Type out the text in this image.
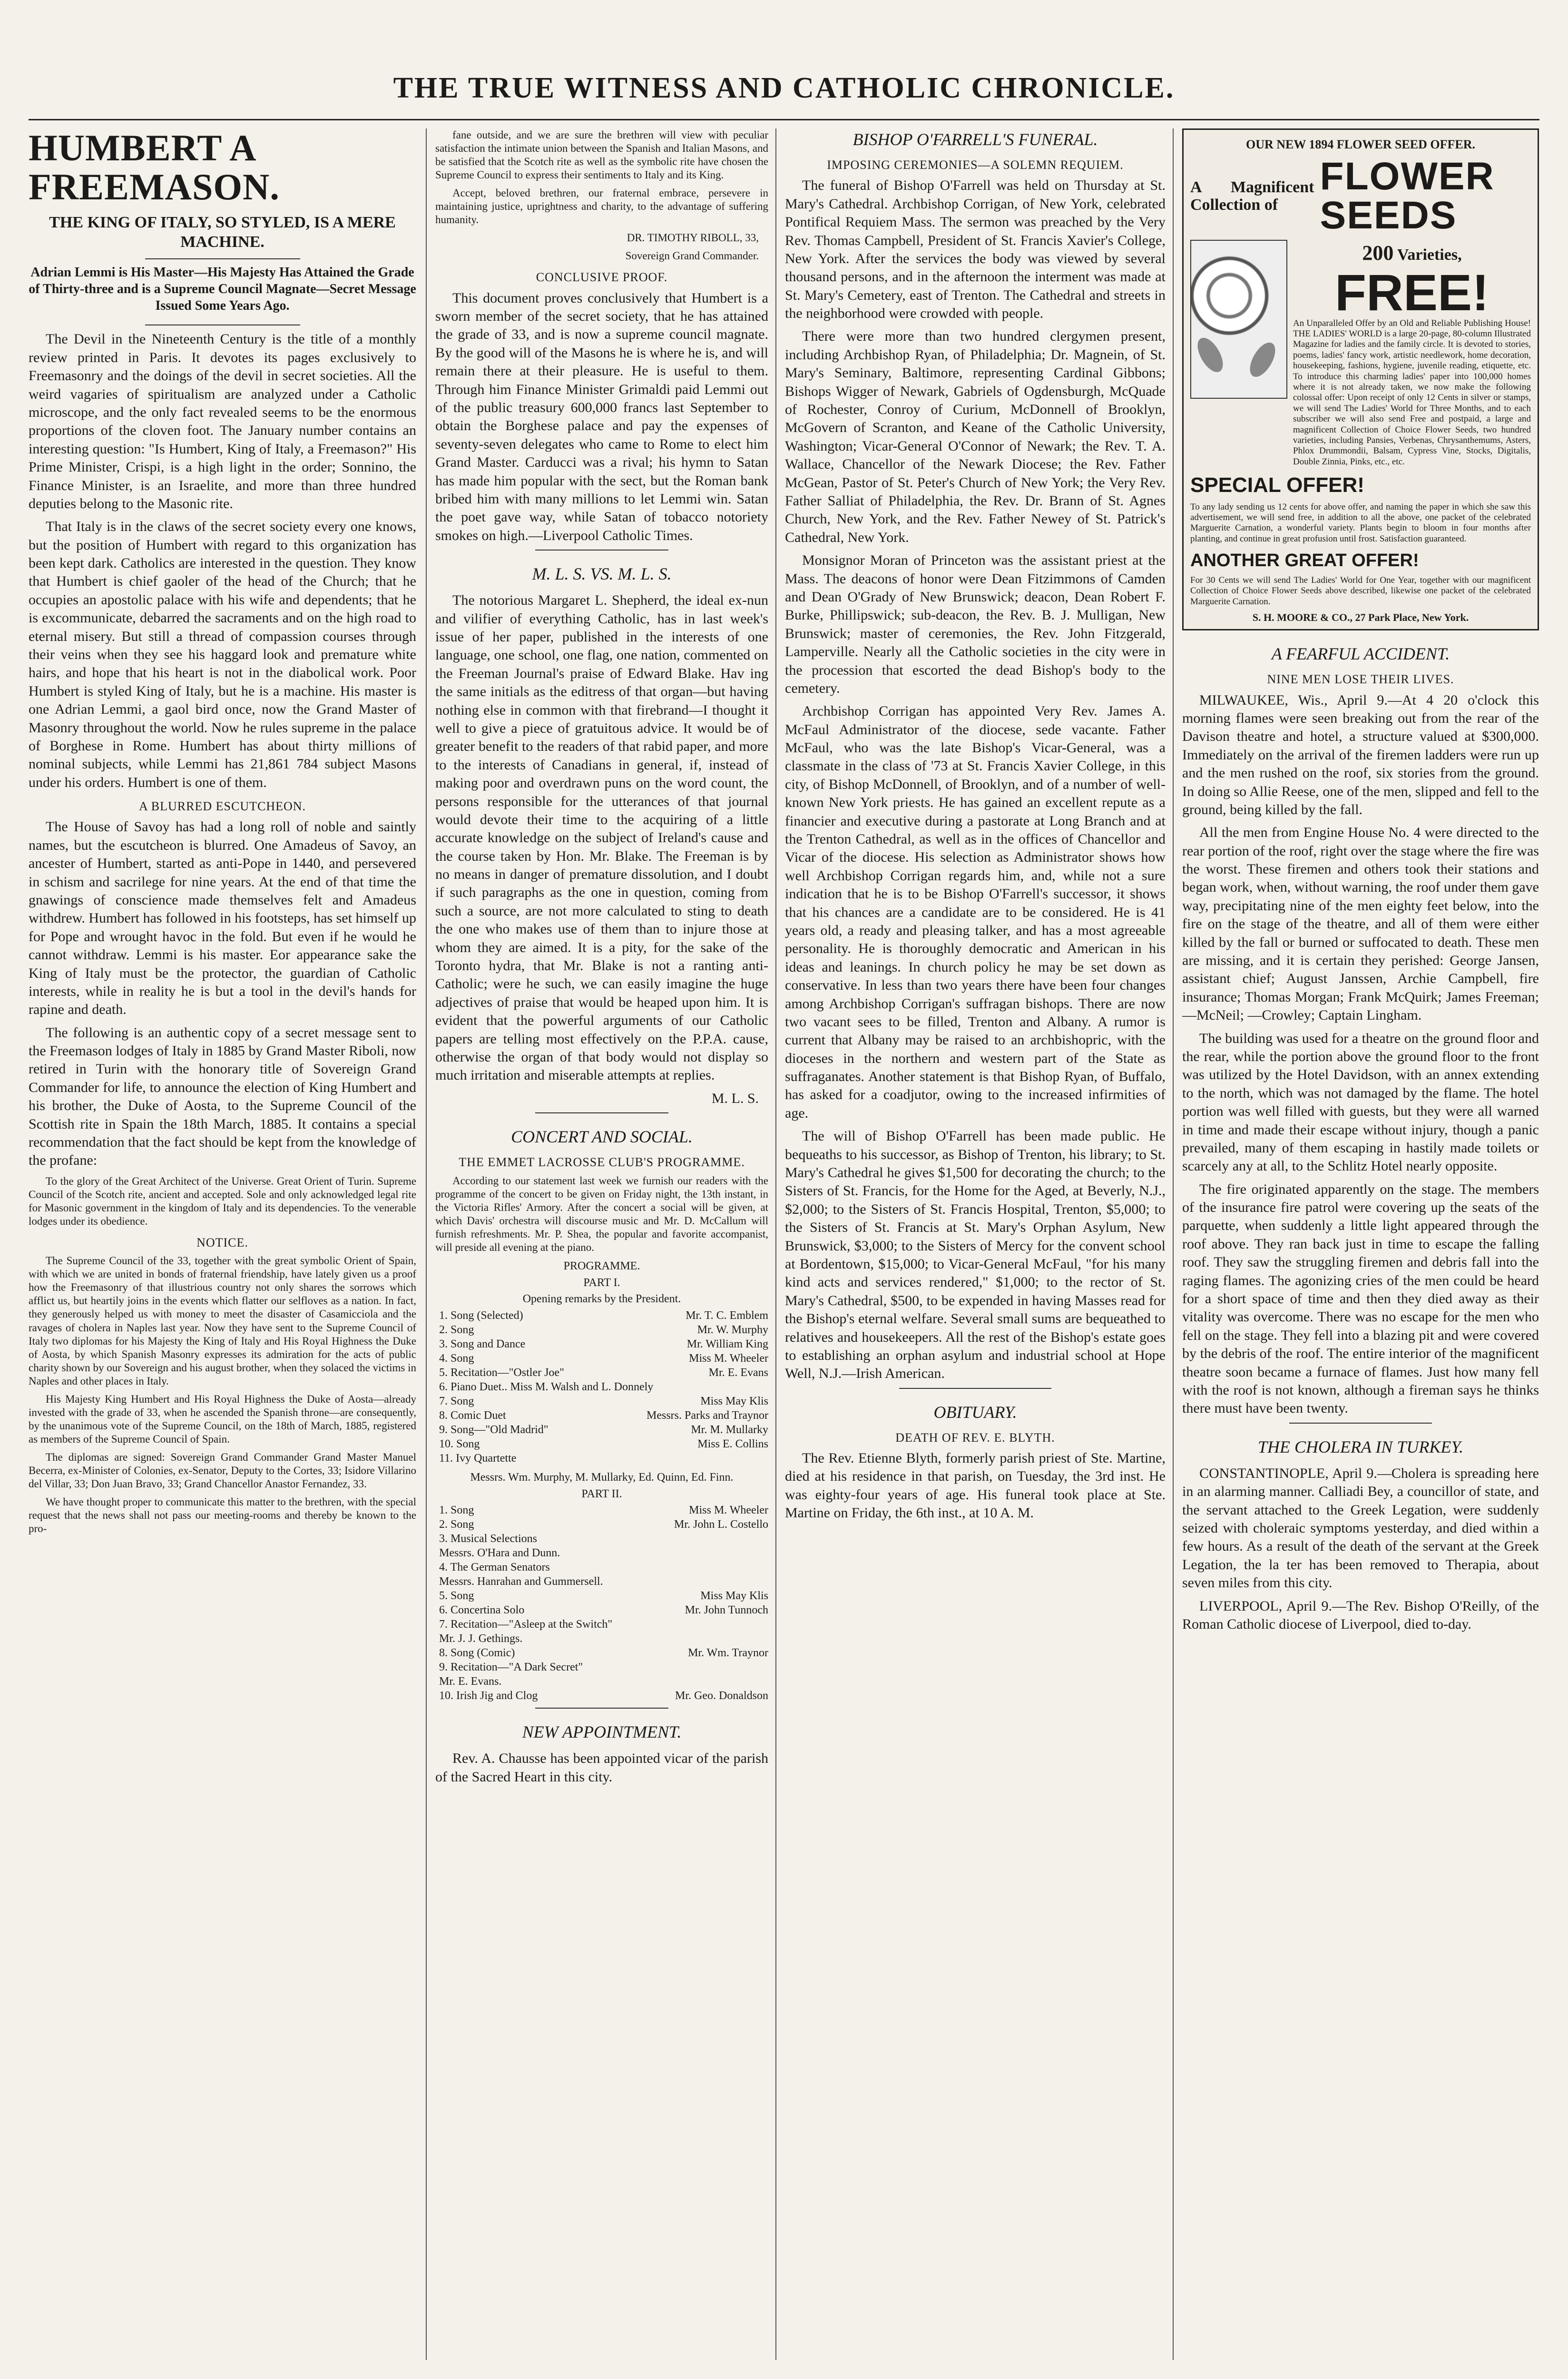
THE TRUE WITNESS AND CATHOLIC CHRONICLE.
HUMBERT A FREEMASON.
THE KING OF ITALY, SO STYLED, IS A MERE MACHINE.
Adrian Lemmi is His Master—His Majesty Has Attained the Grade of Thirty-three and is a Supreme Council Magnate—Secret Message Issued Some Years Ago.

The Devil in the Nineteenth Century is the title of a monthly review printed in Paris. It devotes its pages exclusively to Freemasonry and the doings of the devil in secret societies. All the weird vagaries of spiritualism are analyzed under a Catholic microscope, and the only fact revealed seems to be the enormous proportions of the cloven foot. The January number contains an interesting question: "Is Humbert, King of Italy, a Freemason?" His Prime Minister, Crispi, is a high light in the order; Sonnino, the Finance Minister, is an Israelite, and more than three hundred deputies belong to the Masonic rite.

That Italy is in the claws of the secret society every one knows, but the position of Humbert with regard to this organization has been kept dark. Catholics are interested in the question. They know that Humbert is chief gaoler of the head of the Church; that he occupies an apostolic palace with his wife and dependents; that he is excommunicate, debarred the sacraments and on the high road to eternal misery. But still a thread of compassion courses through their veins when they see his haggard look and premature white hairs, and hope that his heart is not in the diabolical work. Poor Humbert is styled King of Italy, but he is a machine. His master is one Adrian Lemmi, a gaol bird once, now the Grand Master of Masonry throughout the world. Now he rules supreme in the palace of Borghese in Rome. Humbert has about thirty millions of nominal subjects, while Lemmi has 21,861 784 subject Masons under his orders. Humbert is one of them.

A BLURRED ESCUTCHEON.

The House of Savoy has had a long roll of noble and saintly names, but the escutcheon is blurred. One Amadeus of Savoy, an ancester of Humbert, started as anti-Pope in 1440, and persevered in schism and sacrilege for nine years. At the end of that time the gnawings of conscience made themselves felt and Amadeus withdrew. Humbert has followed in his footsteps, has set himself up for Pope and wrought havoc in the fold. But even if he would he cannot withdraw. Lemmi is his master. Eor appearance sake the King of Italy must be the protector, the guardian of Catholic interests, while in reality he is but a tool in the devil's hands for rapine and death.

The following is an authentic copy of a secret message sent to the Freemason lodges of Italy in 1885 by Grand Master Riboli, now retired in Turin with the honorary title of Sovereign Grand Commander for life, to announce the election of King Humbert and his brother, the Duke of Aosta, to the Supreme Council of the Scottish rite in Spain the 18th March, 1885. It contains a special recommendation that the fact should be kept from the knowledge of the profane:

To the glory of the Great Architect of the Universe. Great Orient of Turin. Supreme Council of the Scotch rite, ancient and accepted. Sole and only acknowledged legal rite for Masonic government in the kingdom of Italy and its dependencies. To the venerable lodges under its obedience.

NOTICE.

The Supreme Council of the 33, together with the great symbolic Orient of Spain, with which we are united in bonds of fraternal friendship, have lately given us a proof how the Freemasonry of that illustrious country not only shares the sorrows which afflict us, but heartily joins in the events which flatter our selfloves as a nation. In fact, they generously helped us with money to meet the disaster of Casamicciola and the ravages of cholera in Naples last year. Now they have sent to the Supreme Council of Italy two diplomas for his Majesty the King of Italy and His Royal Highness the Duke of Aosta, by which Spanish Masonry expresses its admiration for the acts of public charity shown by our Sovereign and his august brother, when they solaced the victims in Naples and other places in Italy.

His Majesty King Humbert and His Royal Highness the Duke of Aosta—already invested with the grade of 33, when he ascended the Spanish throne—are consequently, by the unanimous vote of the Supreme Council, on the 18th of March, 1885, registered as members of the Supreme Council of Spain.

The diplomas are signed: Sovereign Grand Commander Grand Master Manuel Becerra, ex-Minister of Colonies, ex-Senator, Deputy to the Cortes, 33; Isidore Villarino del Villar, 33; Don Juan Bravo, 33; Grand Chancellor Anastor Fernandez, 33.

We have thought proper to communicate this matter to the brethren, with the special request that the news shall not pass our meeting-rooms and thereby be known to the pro-

fane outside, and we are sure the brethren will view with peculiar satisfaction the intimate union between the Spanish and Italian Masons, and be satisfied that the Scotch rite as well as the symbolic rite have chosen the Supreme Council to express their sentiments to Italy and its King.

Accept, beloved brethren, our fraternal embrace, persevere in maintaining justice, uprightness and charity, to the advantage of suffering humanity.

DR. TIMOTHY RIBOLL, 33,

Sovereign Grand Commander.

CONCLUSIVE PROOF.

This document proves conclusively that Humbert is a sworn member of the secret society, that he has attained the grade of 33, and is now a supreme council magnate. By the good will of the Masons he is where he is, and will remain there at their pleasure. He is useful to them. Through him Finance Minister Grimaldi paid Lemmi out of the public treasury 600,000 francs last September to obtain the Borghese palace and pay the expenses of seventy-seven delegates who came to Rome to elect him Grand Master. Carducci was a rival; his hymn to Satan has made him popular with the sect, but the Roman bank bribed him with many millions to let Lemmi win. Satan the poet gave way, while Satan of tobacco notoriety smokes on high.—Liverpool Catholic Times.

M. L. S. VS. M. L. S.

The notorious Margaret L. Shepherd, the ideal ex-nun and vilifier of everything Catholic, has in last week's issue of her paper, published in the interests of one language, one school, one flag, one nation, commented on the Freeman Journal's praise of Edward Blake. Hav ing the same initials as the editress of that organ—but having nothing else in common with that firebrand—I thought it well to give a piece of gratuitous advice. It would be of greater benefit to the readers of that rabid paper, and more to the interests of Canadians in general, if, instead of making poor and overdrawn puns on the word count, the persons responsible for the utterances of that journal would devote their time to the acquiring of a little accurate knowledge on the subject of Ireland's cause and the course taken by Hon. Mr. Blake. The Freeman is by no means in danger of premature dissolution, and I doubt if such paragraphs as the one in question, coming from such a source, are not more calculated to sting to death the one who makes use of them than to injure those at whom they are aimed. It is a pity, for the sake of the Toronto hydra, that Mr. Blake is not a ranting anti-Catholic; were he such, we can easily imagine the huge adjectives of praise that would be heaped upon him. It is evident that the powerful arguments of our Catholic papers are telling most effectively on the P.P.A. cause, otherwise the organ of that body would not display so much irritation and miserable attempts at replies.

M. L. S.

CONCERT AND SOCIAL.
THE EMMET LACROSSE CLUB'S PROGRAMME.

According to our statement last week we furnish our readers with the programme of the concert to be given on Friday night, the 13th instant, in the Victoria Rifles' Armory. After the concert a social will be given, at which Davis' orchestra will discourse music and Mr. D. McCallum will furnish refreshments. Mr. P. Shea, the popular and favorite accompanist, will preside all evening at the piano.

PROGRAMME.

PART I.

Opening remarks by the President.

1. Song (Selected)	Mr. T. C. Emblem
2. Song	Mr. W. Murphy
3. Song and Dance	Mr. William King
4. Song	Miss M. Wheeler
5. Recitation—"Ostler Joe"	Mr. E. Evans
6. Piano Duet.. Miss M. Walsh and L. Donnely
7. Song	Miss May Klis
8. Comic Duet	Messrs. Parks and Traynor
9. Song—"Old Madrid"	Mr. M. Mullarky
10. Song	Miss E. Collins
11. Ivy Quartette

Messrs. Wm. Murphy, M. Mullarky, Ed. Quinn, Ed. Finn.

PART II.

1. Song	Miss M. Wheeler
2. Song	Mr. John L. Costello
3. Musical Selections
Messrs. O'Hara and Dunn.
4. The German Senators
Messrs. Hanrahan and Gummersell.
5. Song	Miss May Klis
6. Concertina Solo	Mr. John Tunnoch
7. Recitation—"Asleep at the Switch"
Mr. J. J. Gethings.
8. Song (Comic)	Mr. Wm. Traynor
9. Recitation—"A Dark Secret"
Mr. E. Evans.
10. Irish Jig and Clog	Mr. Geo. Donaldson
NEW APPOINTMENT.

Rev. A. Chausse has been appointed vicar of the parish of the Sacred Heart in this city.

BISHOP O'FARRELL'S FUNERAL.
IMPOSING CEREMONIES—A SOLEMN REQUIEM.

The funeral of Bishop O'Farrell was held on Thursday at St. Mary's Cathedral. Archbishop Corrigan, of New York, celebrated Pontifical Requiem Mass. The sermon was preached by the Very Rev. Thomas Campbell, President of St. Francis Xavier's College, New York. After the services the body was viewed by several thousand persons, and in the afternoon the interment was made at St. Mary's Cemetery, east of Trenton. The Cathedral and streets in the neighborhood were crowded with people.

There were more than two hundred clergymen present, including Archbishop Ryan, of Philadelphia; Dr. Magnein, of St. Mary's Seminary, Baltimore, representing Cardinal Gibbons; Bishops Wigger of Newark, Gabriels of Ogdensburgh, McQuade of Rochester, Conroy of Curium, McDonnell of Brooklyn, McGovern of Scranton, and Keane of the Catholic University, Washington; Vicar-General O'Connor of Newark; the Rev. T. A. Wallace, Chancellor of the Newark Diocese; the Rev. Father McGean, Pastor of St. Peter's Church of New York; the Very Rev. Father Salliat of Philadelphia, the Rev. Dr. Brann of St. Agnes Church, New York, and the Rev. Father Newey of St. Patrick's Cathedral, New York.

Monsignor Moran of Princeton was the assistant priest at the Mass. The deacons of honor were Dean Fitzimmons of Camden and Dean O'Grady of New Brunswick; deacon, Dean Robert F. Burke, Phillipswick; sub-deacon, the Rev. B. J. Mulligan, New Brunswick; master of ceremonies, the Rev. John Fitzgerald, Lamperville. Nearly all the Catholic societies in the city were in the procession that escorted the dead Bishop's body to the cemetery.

Archbishop Corrigan has appointed Very Rev. James A. McFaul Administrator of the diocese, sede vacante. Father McFaul, who was the late Bishop's Vicar-General, was a classmate in the class of '73 at St. Francis Xavier College, in this city, of Bishop McDonnell, of Brooklyn, and of a number of well-known New York priests. He has gained an excellent repute as a financier and executive during a pastorate at Long Branch and at the Trenton Cathedral, as well as in the offices of Chancellor and Vicar of the diocese. His selection as Administrator shows how well Archbishop Corrigan regards him, and, while not a sure indication that he is to be Bishop O'Farrell's successor, it shows that his chances are a candidate are to be considered. He is 41 years old, a ready and pleasing talker, and has a most agreeable personality. He is thoroughly democratic and American in his ideas and leanings. In church policy he may be set down as conservative. In less than two years there have been four changes among Archbishop Corrigan's suffragan bishops. There are now two vacant sees to be filled, Trenton and Albany. A rumor is current that Albany may be raised to an archbishopric, with the dioceses in the northern and western part of the State as suffraganates. Another statement is that Bishop Ryan, of Buffalo, has asked for a coadjutor, owing to the increased infirmities of age.

The will of Bishop O'Farrell has been made public. He bequeaths to his successor, as Bishop of Trenton, his library; to St. Mary's Cathedral he gives $1,500 for decorating the church; to the Sisters of St. Francis, for the Home for the Aged, at Beverly, N.J., $2,000; to the Sisters of St. Francis Hospital, Trenton, $5,000; to the Sisters of St. Francis at St. Mary's Orphan Asylum, New Brunswick, $3,000; to the Sisters of Mercy for the convent school at Bordentown, $15,000; to Vicar-General McFaul, "for his many kind acts and services rendered," $1,000; to the rector of St. Mary's Cathedral, $500, to be expended in having Masses read for the Bishop's eternal welfare. Several small sums are bequeathed to relatives and housekeepers. All the rest of the Bishop's estate goes to establishing an orphan asylum and industrial school at Hope Well, N.J.—Irish American.

OBITUARY.
DEATH OF REV. E. BLYTH.

The Rev. Etienne Blyth, formerly parish priest of Ste. Martine, died at his residence in that parish, on Tuesday, the 3rd inst. He was eighty-four years of age. His funeral took place at Ste. Martine on Friday, the 6th inst., at 10 A. M.

OUR NEW 1894 FLOWER SEED OFFER.
A Magnificent Collection of
FLOWER SEEDS
200 Varieties,
FREE!
An Unparalleled Offer by an Old and Reliable Publishing House! THE LADIES' WORLD is a large 20-page, 80-column Illustrated Magazine for ladies and the family circle. It is devoted to stories, poems, ladies' fancy work, artistic needlework, home decoration, housekeeping, fashions, hygiene, juvenile reading, etiquette, etc. To introduce this charming ladies' paper into 100,000 homes where it is not already taken, we now make the following colossal offer: Upon receipt of only 12 Cents in silver or stamps, we will send The Ladies' World for Three Months, and to each subscriber we will also send Free and postpaid, a large and magnificent Collection of Choice Flower Seeds, two hundred varieties, including Pansies, Verbenas, Chrysanthemums, Asters, Phlox Drummondii, Balsam, Cypress Vine, Stocks, Digitalis, Double Zinnia, Pinks, etc., etc.
SPECIAL OFFER!
To any lady sending us 12 cents for above offer, and naming the paper in which she saw this advertisement, we will send free, in addition to all the above, one packet of the celebrated Marguerite Carnation, a wonderful variety. Plants begin to bloom in four months after planting, and continue in great profusion until frost. Satisfaction guaranteed.
ANOTHER GREAT OFFER!
For 30 Cents we will send The Ladies' World for One Year, together with our magnificent Collection of Choice Flower Seeds above described, likewise one packet of the celebrated Marguerite Carnation.
S. H. MOORE & CO., 27 Park Place, New York.
A FEARFUL ACCIDENT.
NINE MEN LOSE THEIR LIVES.

MILWAUKEE, Wis., April 9.—At 4 20 o'clock this morning flames were seen breaking out from the rear of the Davison theatre and hotel, a structure valued at $300,000. Immediately on the arrival of the firemen ladders were run up and the men rushed on the roof, six stories from the ground. In doing so Allie Reese, one of the men, slipped and fell to the ground, being killed by the fall.

All the men from Engine House No. 4 were directed to the rear portion of the roof, right over the stage where the fire was the worst. These firemen and others took their stations and began work, when, without warning, the roof under them gave way, precipitating nine of the men eighty feet below, into the fire on the stage of the theatre, and all of them were either killed by the fall or burned or suffocated to death. These men are missing, and it is certain they perished: George Jansen, assistant chief; August Janssen, Archie Campbell, fire insurance; Thomas Morgan; Frank McQuirk; James Freeman; —McNeil; —Crowley; Captain Lingham.

The building was used for a theatre on the ground floor and the rear, while the portion above the ground floor to the front was utilized by the Hotel Davidson, with an annex extending to the north, which was not damaged by the flame. The hotel portion was well filled with guests, but they were all warned in time and made their escape without injury, though a panic prevailed, many of them escaping in hastily made toilets or scarcely any at all, to the Schlitz Hotel nearly opposite.

The fire originated apparently on the stage. The members of the insurance fire patrol were covering up the seats of the parquette, when suddenly a little light appeared through the roof above. They ran back just in time to escape the falling roof. They saw the struggling firemen and debris fall into the raging flames. The agonizing cries of the men could be heard for a short space of time and then they died away as their vitality was overcome. There was no escape for the men who fell on the stage. They fell into a blazing pit and were covered by the debris of the roof. The entire interior of the magnificent theatre soon became a furnace of flames. Just how many fell with the roof is not known, although a fireman says he thinks there must have been twenty.

THE CHOLERA IN TURKEY.

CONSTANTINOPLE, April 9.—Cholera is spreading here in an alarming manner. Calliadi Bey, a councillor of state, and the servant attached to the Greek Legation, were suddenly seized with choleraic symptoms yesterday, and died within a few hours. As a result of the death of the servant at the Greek Legation, the la ter has been removed to Therapia, about seven miles from this city.

LIVERPOOL, April 9.—The Rev. Bishop O'Reilly, of the Roman Catholic diocese of Liverpool, died to-day.
